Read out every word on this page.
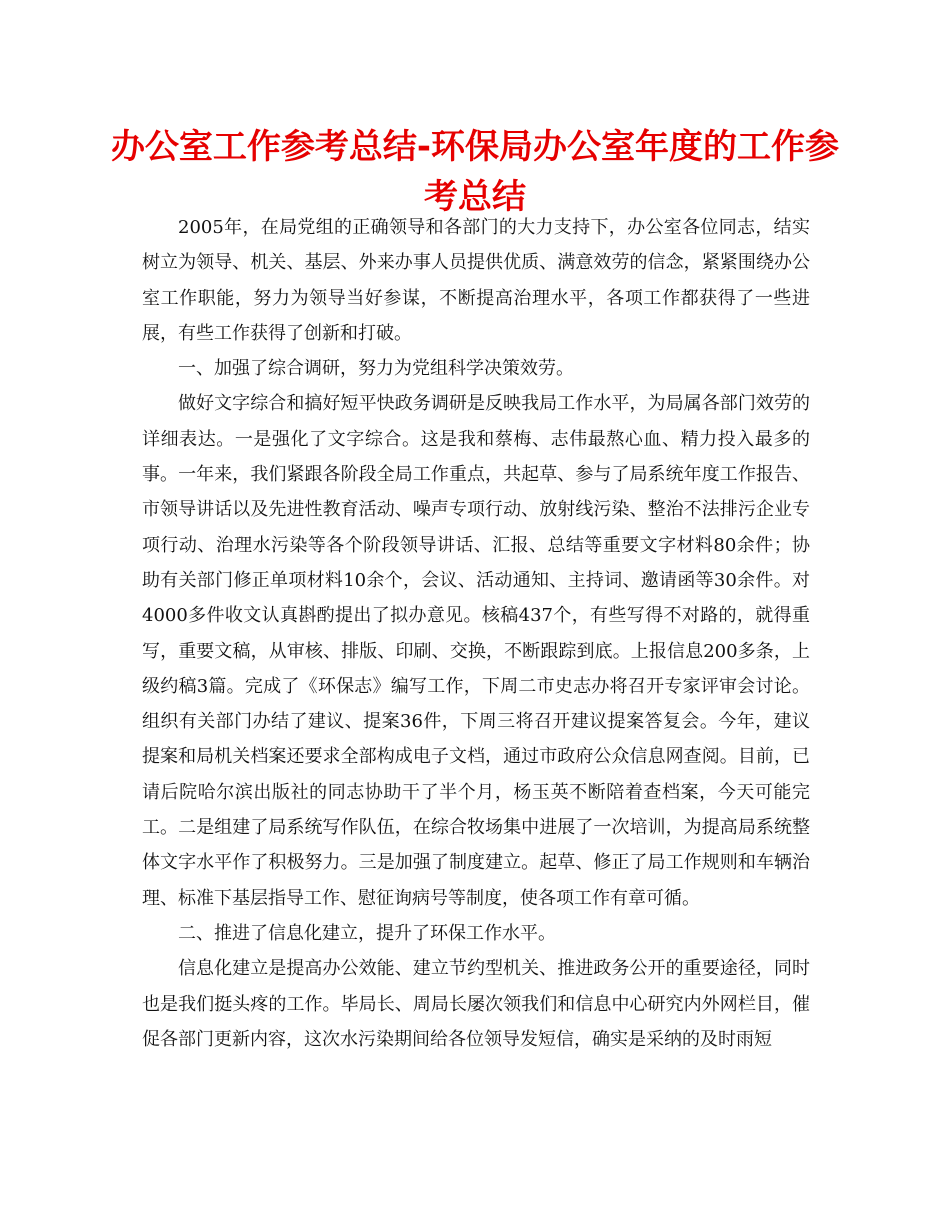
办公室工作参考总结-环保局办公室年度的工作参考总结

2005年，在局党组的正确领导和各部门的大力支持下，办公室各位同志，结实树立为领导、机关、基层、外来办事人员提供优质、满意效劳的信念，紧紧围绕办公室工作职能，努力为领导当好参谋，不断提高治理水平，各项工作都获得了一些进展，有些工作获得了创新和打破。

一、加强了综合调研，努力为党组科学决策效劳。

做好文字综合和搞好短平快政务调研是反映我局工作水平，为局属各部门效劳的详细表达。一是强化了文字综合。这是我和蔡梅、志伟最熬心血、精力投入最多的事。一年来，我们紧跟各阶段全局工作重点，共起草、参与了局系统年度工作报告、市领导讲话以及先进性教育活动、噪声专项行动、放射线污染、整治不法排污企业专项行动、治理水污染等各个阶段领导讲话、汇报、总结等重要文字材料80余件；协助有关部门修正单项材料10余个，会议、活动通知、主持词、邀请函等30余件。对4000多件收文认真斟酌提出了拟办意见。核稿437个，有些写得不对路的，就得重写，重要文稿，从审核、排版、印刷、交换，不断跟踪到底。上报信息200多条，上级约稿3篇。完成了《环保志》编写工作，下周二市史志办将召开专家评审会讨论。组织有关部门办结了建议、提案36件，下周三将召开建议提案答复会。今年，建议提案和局机关档案还要求全部构成电子文档，通过市政府公众信息网查阅。目前，已请后院哈尔滨出版社的同志协助干了半个月，杨玉英不断陪着查档案，今天可能完工。二是组建了局系统写作队伍，在综合牧场集中进展了一次培训，为提高局系统整体文字水平作了积极努力。三是加强了制度建立。起草、修正了局工作规则和车辆治理、标准下基层指导工作、慰征询病号等制度，使各项工作有章可循。

二、推进了信息化建立，提升了环保工作水平。

信息化建立是提高办公效能、建立节约型机关、推进政务公开的重要途径，同时也是我们挺头疼的工作。毕局长、周局长屡次领我们和信息中心研究内外网栏目，催促各部门更新内容，这次水污染期间给各位领导发短信，确实是采纳的及时雨短
